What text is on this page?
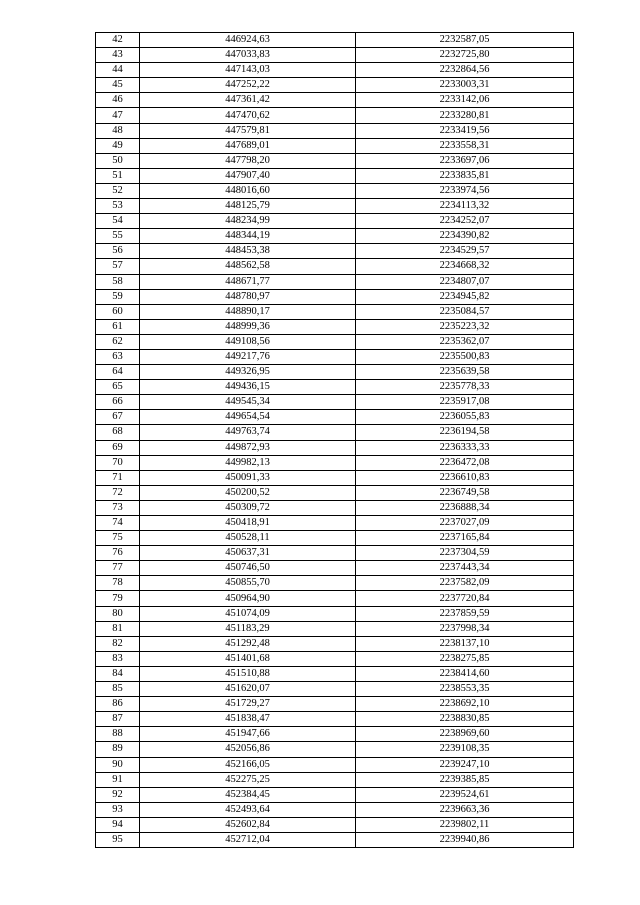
42	446924,63	2232587,05
43	447033,83	2232725,80
44	447143,03	2232864,56
45	447252,22	2233003,31
46	447361,42	2233142,06
47	447470,62	2233280,81
48	447579,81	2233419,56
49	447689,01	2233558,31
50	447798,20	2233697,06
51	447907,40	2233835,81
52	448016,60	2233974,56
53	448125,79	2234113,32
54	448234,99	2234252,07
55	448344,19	2234390,82
56	448453,38	2234529,57
57	448562,58	2234668,32
58	448671,77	2234807,07
59	448780,97	2234945,82
60	448890,17	2235084,57
61	448999,36	2235223,32
62	449108,56	2235362,07
63	449217,76	2235500,83
64	449326,95	2235639,58
65	449436,15	2235778,33
66	449545,34	2235917,08
67	449654,54	2236055,83
68	449763,74	2236194,58
69	449872,93	2236333,33
70	449982,13	2236472,08
71	450091,33	2236610,83
72	450200,52	2236749,58
73	450309,72	2236888,34
74	450418,91	2237027,09
75	450528,11	2237165,84
76	450637,31	2237304,59
77	450746,50	2237443,34
78	450855,70	2237582,09
79	450964,90	2237720,84
80	451074,09	2237859,59
81	451183,29	2237998,34
82	451292,48	2238137,10
83	451401,68	2238275,85
84	451510,88	2238414,60
85	451620,07	2238553,35
86	451729,27	2238692,10
87	451838,47	2238830,85
88	451947,66	2238969,60
89	452056,86	2239108,35
90	452166,05	2239247,10
91	452275,25	2239385,85
92	452384,45	2239524,61
93	452493,64	2239663,36
94	452602,84	2239802,11
95	452712,04	2239940,86
